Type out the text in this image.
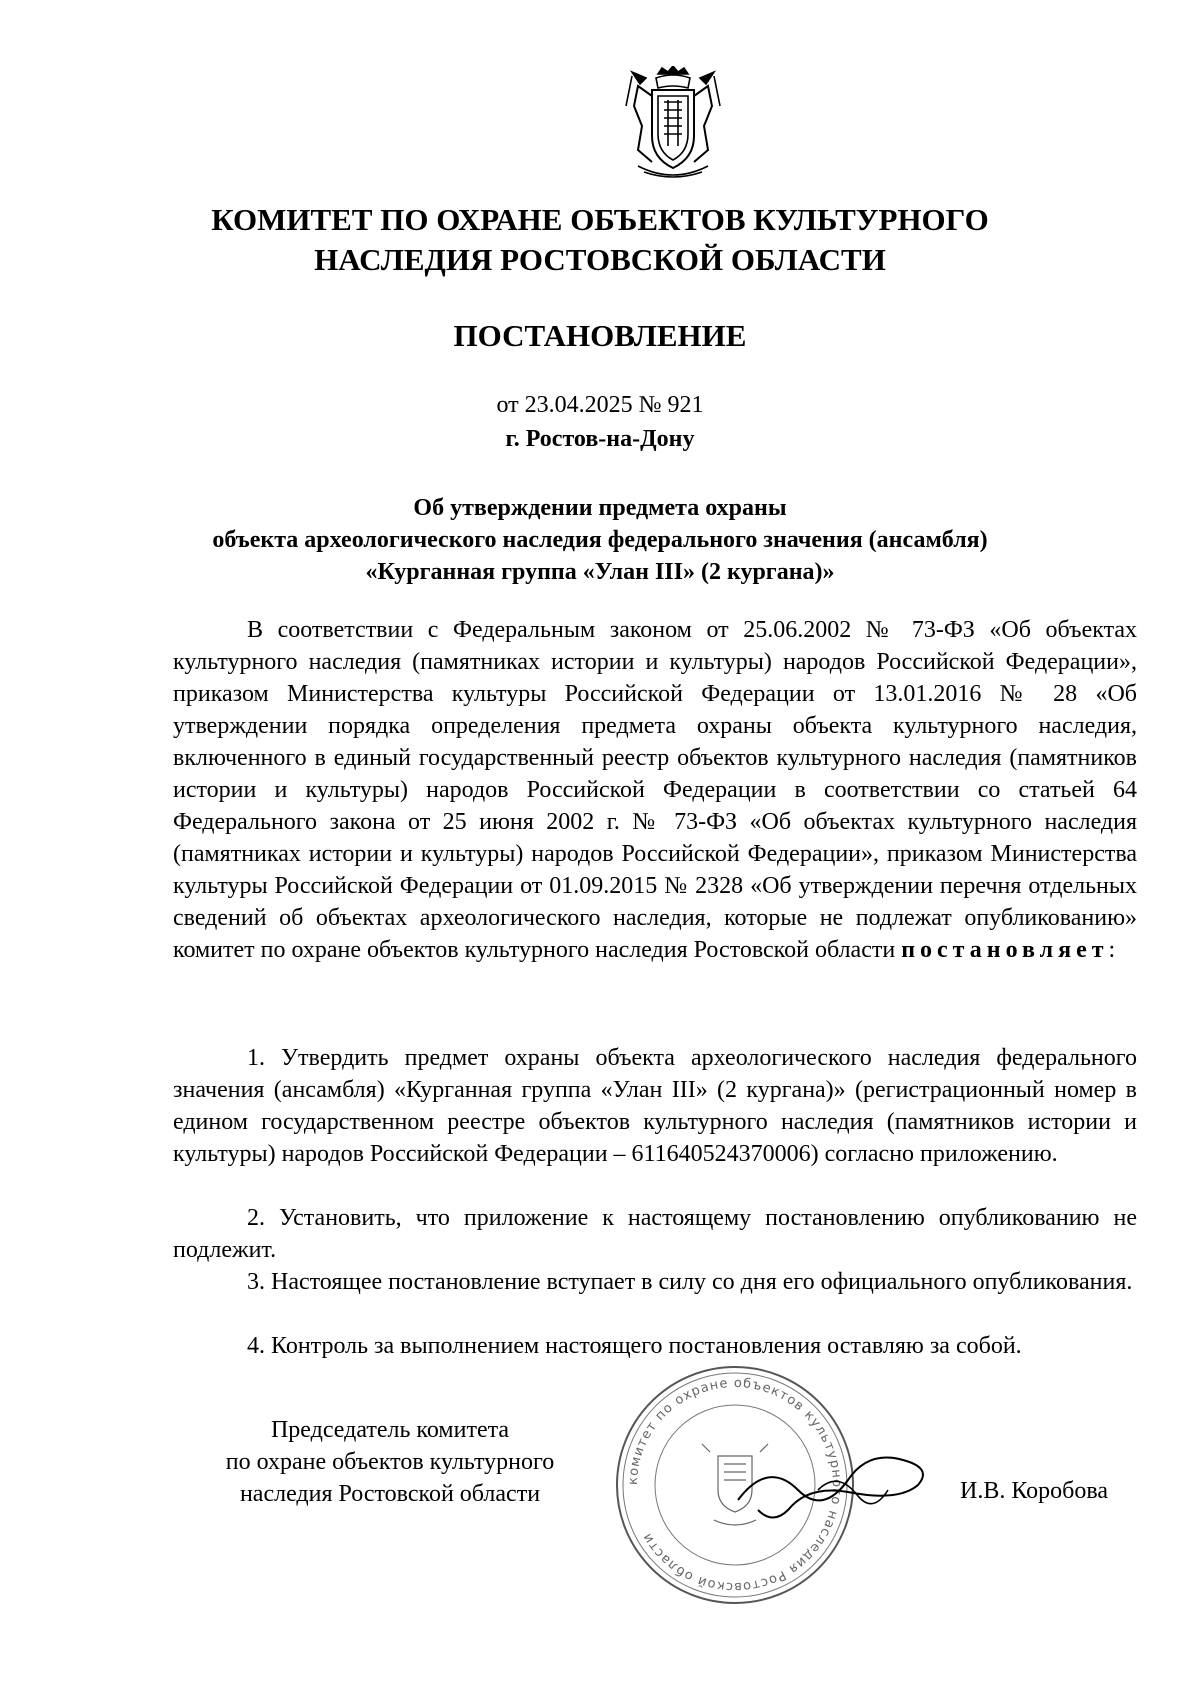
КОМИТЕТ ПО ОХРАНЕ ОБЪЕКТОВ КУЛЬТУРНОГО

НАСЛЕДИЯ РОСТОВСКОЙ ОБЛАСТИ

ПОСТАНОВЛЕНИЕ

от 23.04.2025 № 921
г. Ростов-на-Дону

Об утверждении предмета охраны

объекта археологического наследия федерального значения (ансамбля)

«Курганная группа «Улан III» (2 кургана)»

В соответствии с Федеральным законом от 25.06.2002 № 73-ФЗ «Об объектах культурного наследия (памятниках истории и культуры) народов Российской Федерации», приказом Министерства культуры Российской Федерации от 13.01.2016 № 28 «Об утверждении порядка определения предмета охраны объекта культурного наследия, включенного в единый государственный реестр объектов культурного наследия (памятников истории и культуры) народов Российской Федерации в соответствии со статьей 64 Федерального закона от 25 июня 2002 г. № 73-ФЗ «Об объектах культурного наследия (памятниках истории и культуры) народов Российской Федерации», приказом Министерства культуры Российской Федерации от 01.09.2015 № 2328 «Об утверждении перечня отдельных сведений об объектах археологического наследия, которые не подлежат опубликованию» комитет по охране объектов культурного наследия Ростовской области постановляет:

1. Утвердить предмет охраны объекта археологического наследия федерального значения (ансамбля) «Курганная группа «Улан III» (2 кургана)» (регистрационный номер в едином государственном реестре объектов культурного наследия (памятников истории и культуры) народов Российской Федерации – 611640524370006) согласно приложению.

2. Установить, что приложение к настоящему постановлению опубликованию не подлежит.

3. Настоящее постановление вступает в силу со дня его официального опубликования.

4. Контроль за выполнением настоящего постановления оставляю за собой.

Председатель комитета
по охране объектов культурного
наследия Ростовской области
комитет по охране объектов культурного наследия Ростовской области
И.В. Коробова
